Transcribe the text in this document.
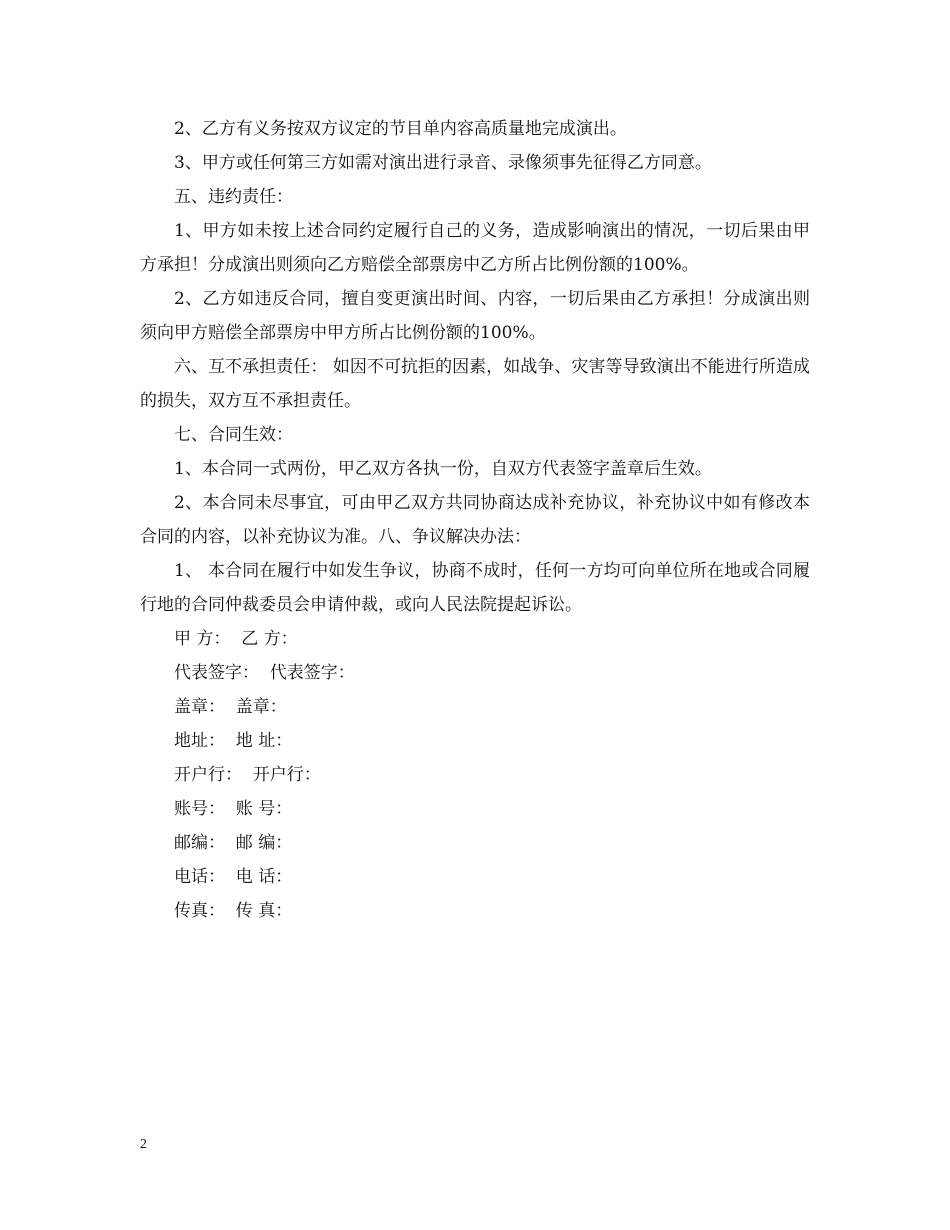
2、乙方有义务按双方议定的节目单内容高质量地完成演出。

3、甲方或任何第三方如需对演出进行录音、录像须事先征得乙方同意。

五、违约责任：

1、甲方如未按上述合同约定履行自己的义务，造成影响演出的情况，一切后果由甲方承担！分成演出则须向乙方赔偿全部票房中乙方所占比例份额的100%。

2、乙方如违反合同，擅自变更演出时间、内容，一切后果由乙方承担！分成演出则须向甲方赔偿全部票房中甲方所占比例份额的100%。

六、互不承担责任： 如因不可抗拒的因素，如战争、灾害等导致演出不能进行所造成的损失，双方互不承担责任。

七、合同生效：

1、本合同一式两份，甲乙双方各执一份，自双方代表签字盖章后生效。

2、本合同未尽事宜，可由甲乙双方共同协商达成补充协议，补充协议中如有修改本合同的内容，以补充协议为准。八、争议解决办法：

1、 本合同在履行中如发生争议，协商不成时，任何一方均可向单位所在地或合同履行地的合同仲裁委员会申请仲裁，或向人民法院提起诉讼。

甲 方：  乙 方：

代表签字：  代表签字：

盖章：  盖章：

地址：  地 址：

开户行：  开户行：

账号：  账 号：

邮编：  邮 编：

电话：  电 话：

传真：  传 真：

2
